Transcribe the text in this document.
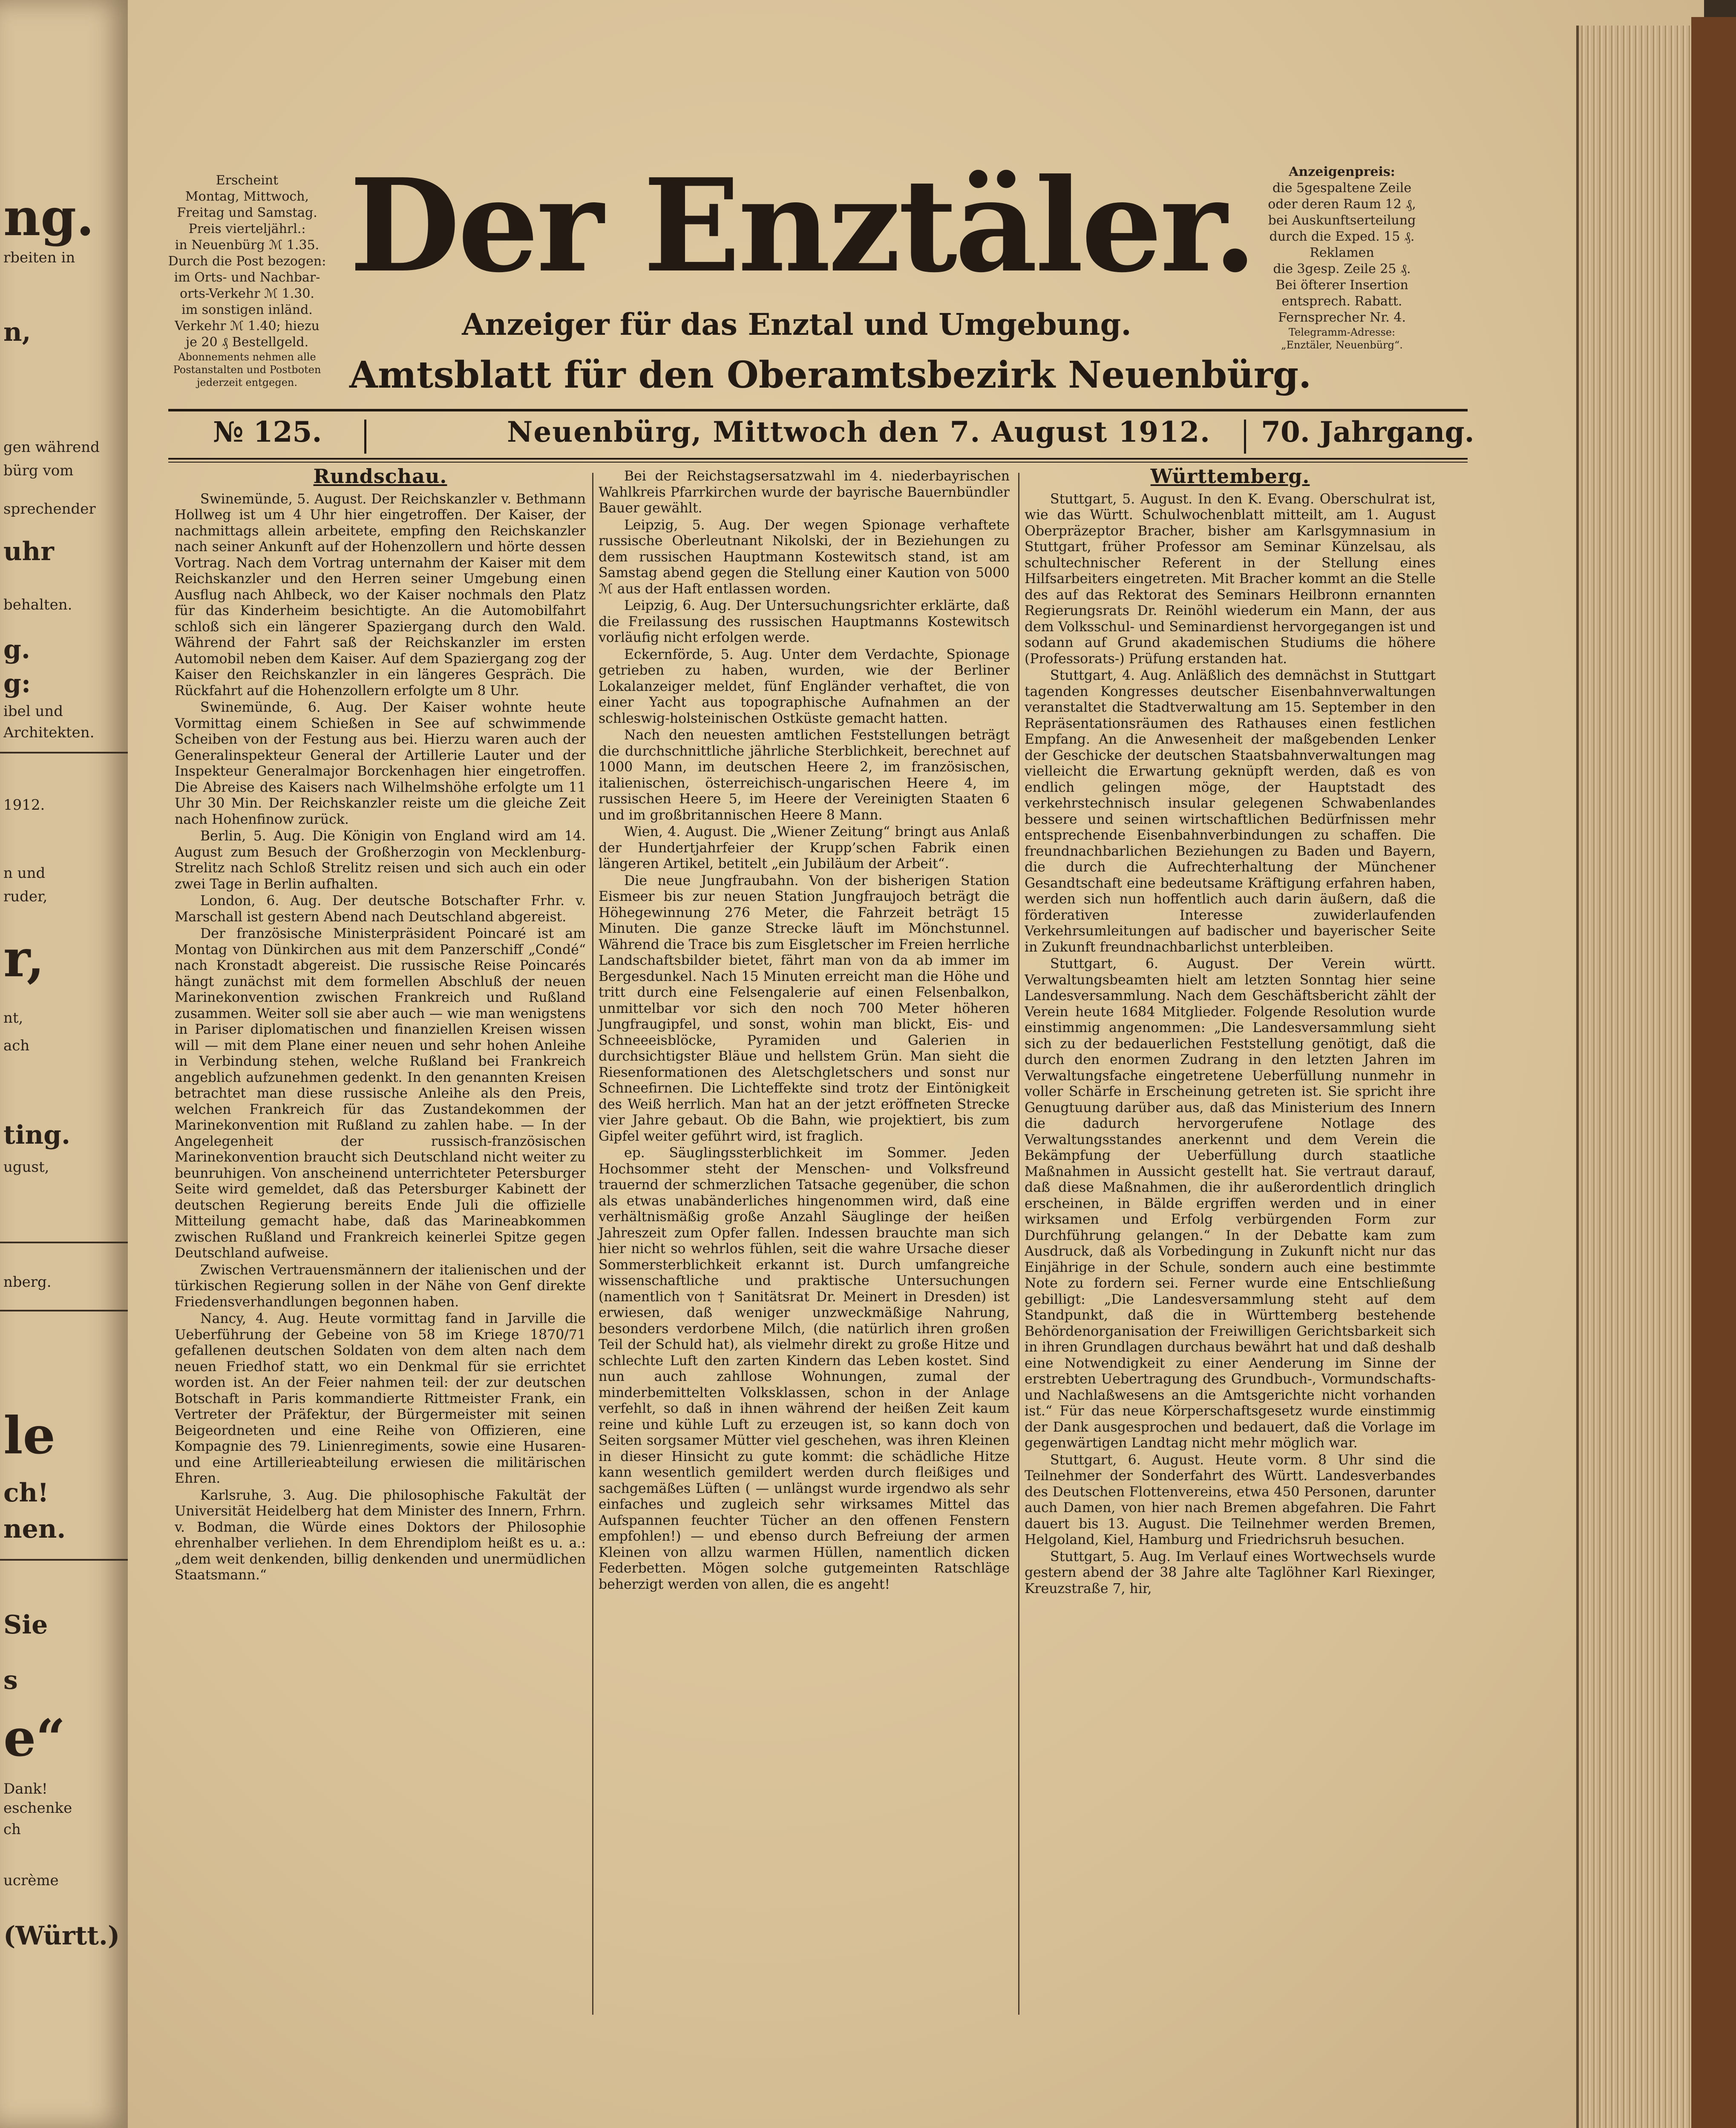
ng.
rbeiten in
n,
gen während
bürg vom
sprechender
uhr
behalten.
g.
g:
ibel und
Architekten.
1912.
n und
ruder,
r,
nt,
ach
ting.
ugust,
nberg.
le
ch!
nen.
Sie
s
e“
Dank!
eschenke
ch
ucrème
(Württ.)
Erscheint
Montag, Mittwoch,
Freitag und Samstag.
Preis vierteljährl.:
in Neuenbürg ℳ 1.35.
Durch die Post bezogen:
im Orts- und Nachbar-
orts-Verkehr ℳ 1.30.
im sonstigen inländ.
Verkehr ℳ 1.40; hiezu
je 20 ₰ Bestellgeld.
Abonnements nehmen alle
Postanstalten und Postboten
jederzeit entgegen.
Der Enztäler.
Anzeiger für das Enztal und Umgebung.
Amtsblatt für den Oberamtsbezirk Neuenbürg.
Anzeigenpreis:
die 5gespaltene Zeile
oder deren Raum 12 ₰,
bei Auskunftserteilung
durch die Exped. 15 ₰.
Reklamen
die 3gesp. Zeile 25 ₰.
Bei öfterer Insertion
entsprech. Rabatt.
Fernsprecher Nr. 4.
Telegramm-Adresse:
„Enztäler, Neuenbürg“.
№ 125.	Neuenbürg, Mittwoch den 7. August 1912. 70. Jahrgang.
Rundschau.

Swinemünde, 5. August. Der Reichskanzler v. Bethmann Hollweg ist um 4 Uhr hier eingetroffen. Der Kaiser, der nachmittags allein arbeitete, empfing den Reichskanzler nach seiner Ankunft auf der Hohenzollern und hörte dessen Vortrag. Nach dem Vortrag unternahm der Kaiser mit dem Reichskanzler und den Herren seiner Umgebung einen Ausflug nach Ahlbeck, wo der Kaiser nochmals den Platz für das Kinderheim besichtigte. An die Automobilfahrt schloß sich ein längerer Spaziergang durch den Wald. Während der Fahrt saß der Reichskanzler im ersten Automobil neben dem Kaiser. Auf dem Spaziergang zog der Kaiser den Reichskanzler in ein längeres Gespräch. Die Rückfahrt auf die Hohenzollern erfolgte um 8 Uhr.

Swinemünde, 6. Aug. Der Kaiser wohnte heute Vormittag einem Schießen in See auf schwimmende Scheiben von der Festung aus bei. Hierzu waren auch der Generalinspekteur General der Artillerie Lauter und der Inspekteur Generalmajor Borckenhagen hier eingetroffen. Die Abreise des Kaisers nach Wilhelmshöhe erfolgte um 11 Uhr 30 Min. Der Reichskanzler reiste um die gleiche Zeit nach Hohenfinow zurück.

Berlin, 5. Aug. Die Königin von England wird am 14. August zum Besuch der Großherzogin von Mecklenburg-Strelitz nach Schloß Strelitz reisen und sich auch ein oder zwei Tage in Berlin aufhalten.

London, 6. Aug. Der deutsche Botschafter Frhr. v. Marschall ist gestern Abend nach Deutschland abgereist.

Der französische Ministerpräsident Poincaré ist am Montag von Dünkirchen aus mit dem Panzerschiff „Condé“ nach Kronstadt abgereist. Die russische Reise Poincarés hängt zunächst mit dem formellen Abschluß der neuen Marinekonvention zwischen Frankreich und Rußland zusammen. Weiter soll sie aber auch — wie man wenigstens in Pariser diplomatischen und finanziellen Kreisen wissen will — mit dem Plane einer neuen und sehr hohen Anleihe in Verbindung stehen, welche Rußland bei Frankreich angeblich aufzunehmen gedenkt. In den genannten Kreisen betrachtet man diese russische Anleihe als den Preis, welchen Frankreich für das Zustandekommen der Marinekonvention mit Rußland zu zahlen habe. — In der Angelegenheit der russisch-französischen Marinekonvention braucht sich Deutschland nicht weiter zu beunruhigen. Von anscheinend unterrichteter Petersburger Seite wird gemeldet, daß das Petersburger Kabinett der deutschen Regierung bereits Ende Juli die offizielle Mitteilung gemacht habe, daß das Marineabkommen zwischen Rußland und Frankreich keinerlei Spitze gegen Deutschland aufweise.

Zwischen Vertrauensmännern der italienischen und der türkischen Regierung sollen in der Nähe von Genf direkte Friedensverhandlungen begonnen haben.

Nancy, 4. Aug. Heute vormittag fand in Jarville die Ueberführung der Gebeine von 58 im Kriege 1870/71 gefallenen deutschen Soldaten von dem alten nach dem neuen Friedhof statt, wo ein Denkmal für sie errichtet worden ist. An der Feier nahmen teil: der zur deutschen Botschaft in Paris kommandierte Rittmeister Frank, ein Vertreter der Präfektur, der Bürgermeister mit seinen Beigeordneten und eine Reihe von Offizieren, eine Kompagnie des 79. Linienregiments, sowie eine Husaren- und eine Artillerieabteilung erwiesen die militärischen Ehren.

Karlsruhe, 3. Aug. Die philosophische Fakultät der Universität Heidelberg hat dem Minister des Innern, Frhrn. v. Bodman, die Würde eines Doktors der Philosophie ehrenhalber verliehen. In dem Ehrendiplom heißt es u. a.: „dem weit denkenden, billig denkenden und unermüdlichen Staatsmann.“

Bei der Reichstagsersatzwahl im 4. niederbayrischen Wahlkreis Pfarrkirchen wurde der bayrische Bauernbündler Bauer gewählt.

Leipzig, 5. Aug. Der wegen Spionage verhaftete russische Oberleutnant Nikolski, der in Beziehungen zu dem russischen Hauptmann Kostewitsch stand, ist am Samstag abend gegen die Stellung einer Kaution von 5000 ℳ aus der Haft entlassen worden.

Leipzig, 6. Aug. Der Untersuchungsrichter erklärte, daß die Freilassung des russischen Hauptmanns Kostewitsch vorläufig nicht erfolgen werde.

Eckernförde, 5. Aug. Unter dem Verdachte, Spionage getrieben zu haben, wurden, wie der Berliner Lokalanzeiger meldet, fünf Engländer verhaftet, die von einer Yacht aus topographische Aufnahmen an der schleswig-holsteinischen Ostküste gemacht hatten.

Nach den neuesten amtlichen Feststellungen beträgt die durchschnittliche jährliche Sterblichkeit, berechnet auf 1000 Mann, im deutschen Heere 2, im französischen, italienischen, österreichisch-ungarischen Heere 4, im russischen Heere 5, im Heere der Vereinigten Staaten 6 und im großbritannischen Heere 8 Mann.

Wien, 4. August. Die „Wiener Zeitung“ bringt aus Anlaß der Hundertjahrfeier der Krupp’schen Fabrik einen längeren Artikel, betitelt „ein Jubiläum der Arbeit“.

Die neue Jungfraubahn. Von der bisherigen Station Eismeer bis zur neuen Station Jungfraujoch beträgt die Höhegewinnung 276 Meter, die Fahrzeit beträgt 15 Minuten. Die ganze Strecke läuft im Mönchstunnel. Während die Trace bis zum Eisgletscher im Freien herrliche Landschaftsbilder bietet, fährt man von da ab immer im Bergesdunkel. Nach 15 Minuten erreicht man die Höhe und tritt durch eine Felsengalerie auf einen Felsenbalkon, unmittelbar vor sich den noch 700 Meter höheren Jungfraugipfel, und sonst, wohin man blickt, Eis- und Schneeeisblöcke, Pyramiden und Galerien in durchsichtigster Bläue und hellstem Grün. Man sieht die Riesenformationen des Aletschgletschers und sonst nur Schneefirnen. Die Lichteffekte sind trotz der Eintönigkeit des Weiß herrlich. Man hat an der jetzt eröffneten Strecke vier Jahre gebaut. Ob die Bahn, wie projektiert, bis zum Gipfel weiter geführt wird, ist fraglich.

ep. Säuglingssterblichkeit im Sommer. Jeden Hochsommer steht der Menschen- und Volksfreund trauernd der schmerzlichen Tatsache gegenüber, die schon als etwas unabänderliches hingenommen wird, daß eine verhältnismäßig große Anzahl Säuglinge der heißen Jahreszeit zum Opfer fallen. Indessen brauchte man sich hier nicht so wehrlos fühlen, seit die wahre Ursache dieser Sommersterblichkeit erkannt ist. Durch umfangreiche wissenschaftliche und praktische Untersuchungen (namentlich von † Sanitätsrat Dr. Meinert in Dresden) ist erwiesen, daß weniger unzweckmäßige Nahrung, besonders verdorbene Milch, (die natürlich ihren großen Teil der Schuld hat), als vielmehr direkt zu große Hitze und schlechte Luft den zarten Kindern das Leben kostet. Sind nun auch zahllose Wohnungen, zumal der minderbemittelten Volksklassen, schon in der Anlage verfehlt, so daß in ihnen während der heißen Zeit kaum reine und kühle Luft zu erzeugen ist, so kann doch von Seiten sorgsamer Mütter viel geschehen, was ihren Kleinen in dieser Hinsicht zu gute kommt: die schädliche Hitze kann wesentlich gemildert werden durch fleißiges und sachgemäßes Lüften ( — unlängst wurde irgendwo als sehr einfaches und zugleich sehr wirksames Mittel das Aufspannen feuchter Tücher an den offenen Fenstern empfohlen!) — und ebenso durch Befreiung der armen Kleinen von allzu warmen Hüllen, namentlich dicken Federbetten. Mögen solche gutgemeinten Ratschläge beherzigt werden von allen, die es angeht!

Württemberg.

Stuttgart, 5. August. In den K. Evang. Oberschulrat ist, wie das Württ. Schulwochenblatt mitteilt, am 1. August Oberpräzeptor Bracher, bisher am Karlsgymnasium in Stuttgart, früher Professor am Seminar Künzelsau, als schultechnischer Referent in der Stellung eines Hilfsarbeiters eingetreten. Mit Bracher kommt an die Stelle des auf das Rektorat des Seminars Heilbronn ernannten Regierungsrats Dr. Reinöhl wiederum ein Mann, der aus dem Volksschul- und Seminardienst hervorgegangen ist und sodann auf Grund akademischen Studiums die höhere (Professorats-) Prüfung erstanden hat.

Stuttgart, 4. Aug. Anläßlich des demnächst in Stuttgart tagenden Kongresses deutscher Eisenbahnverwaltungen veranstaltet die Stadtverwaltung am 15. September in den Repräsentationsräumen des Rathauses einen festlichen Empfang. An die Anwesenheit der maßgebenden Lenker der Geschicke der deutschen Staatsbahnverwaltungen mag vielleicht die Erwartung geknüpft werden, daß es von endlich gelingen möge, der Hauptstadt des verkehrstechnisch insular gelegenen Schwabenlandes bessere und seinen wirtschaftlichen Bedürfnissen mehr entsprechende Eisenbahnverbindungen zu schaffen. Die freundnachbarlichen Beziehungen zu Baden und Bayern, die durch die Aufrechterhaltung der Münchener Gesandtschaft eine bedeutsame Kräftigung erfahren haben, werden sich nun hoffentlich auch darin äußern, daß die förderativen Interesse zuwiderlaufenden Verkehrsumleitungen auf badischer und bayerischer Seite in Zukunft freundnachbarlichst unterbleiben.

Stuttgart, 6. August. Der Verein württ. Verwaltungsbeamten hielt am letzten Sonntag hier seine Landesversammlung. Nach dem Geschäftsbericht zählt der Verein heute 1684 Mitglieder. Folgende Resolution wurde einstimmig angenommen: „Die Landesversammlung sieht sich zu der bedauerlichen Feststellung genötigt, daß die durch den enormen Zudrang in den letzten Jahren im Verwaltungsfache eingetretene Ueberfüllung nunmehr in voller Schärfe in Erscheinung getreten ist. Sie spricht ihre Genugtuung darüber aus, daß das Ministerium des Innern die dadurch hervorgerufene Notlage des Verwaltungsstandes anerkennt und dem Verein die Bekämpfung der Ueberfüllung durch staatliche Maßnahmen in Aussicht gestellt hat. Sie vertraut darauf, daß diese Maßnahmen, die ihr außerordentlich dringlich erscheinen, in Bälde ergriffen werden und in einer wirksamen und Erfolg verbürgenden Form zur Durchführung gelangen.“ In der Debatte kam zum Ausdruck, daß als Vorbedingung in Zukunft nicht nur das Einjährige in der Schule, sondern auch eine bestimmte Note zu fordern sei. Ferner wurde eine Entschließung gebilligt: „Die Landesversammlung steht auf dem Standpunkt, daß die in Württemberg bestehende Behördenorganisation der Freiwilligen Gerichtsbarkeit sich in ihren Grundlagen durchaus bewährt hat und daß deshalb eine Notwendigkeit zu einer Aenderung im Sinne der erstrebten Uebertragung des Grundbuch-, Vormundschafts- und Nachlaßwesens an die Amtsgerichte nicht vorhanden ist.“ Für das neue Körperschaftsgesetz wurde einstimmig der Dank ausgesprochen und bedauert, daß die Vorlage im gegenwärtigen Landtag nicht mehr möglich war.

Stuttgart, 6. August. Heute vorm. 8 Uhr sind die Teilnehmer der Sonderfahrt des Württ. Landesverbandes des Deutschen Flottenvereins, etwa 450 Personen, darunter auch Damen, von hier nach Bremen abgefahren. Die Fahrt dauert bis 13. August. Die Teilnehmer werden Bremen, Helgoland, Kiel, Hamburg und Friedrichsruh besuchen.

Stuttgart, 5. Aug. Im Verlauf eines Wortwechsels wurde gestern abend der 38 Jahre alte Taglöhner Karl Riexinger, Kreuzstraße 7, hir,
